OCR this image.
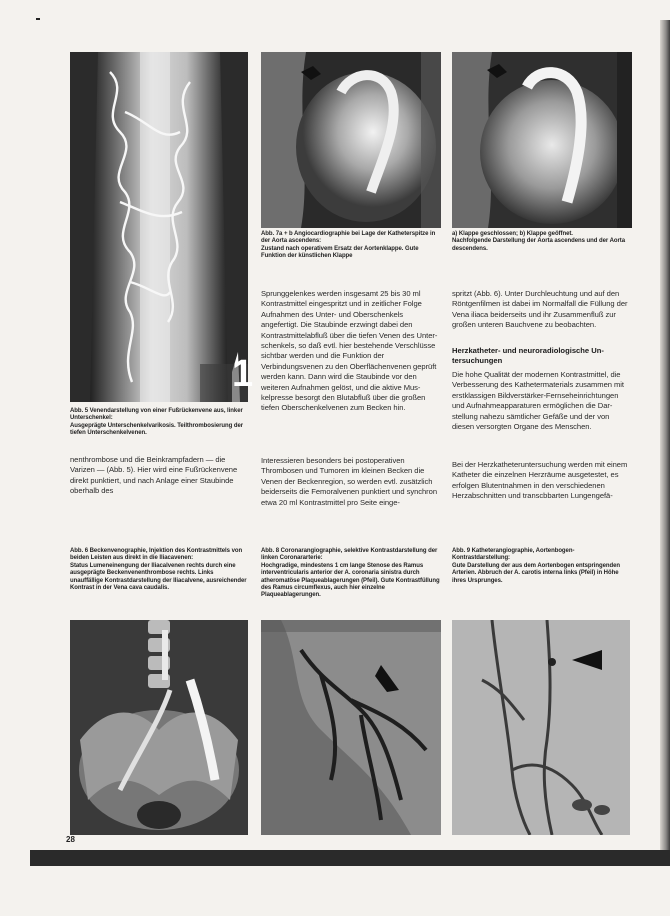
1
Abb. 5 Venendarstellung von einer Fußrückenvene aus, linker Unterschenkel:
Ausgeprägte Unterschenkelvarikosis. Teilthrombosierung der tiefen Unterschenkelvenen.
Abb. 7a + b Angiocardiographie bei Lage der Katheterspitze in der Aorta ascendens:
Zustand nach operativem Ersatz der Aortenklappe. Gute Funktion der künstlichen Klappe
a) Klappe geschlossen; b) Klappe geöffnet.
Nachfolgende Darstellung der Aorta ascendens und der Aorta descendens.
nenthrombose und die Beinkrampfadern — die Varizen — (Abb. 5). Hier wird eine Fußrückenvene direkt punktiert, und nach Anlage einer Staubinde oberhalb des
Sprunggelenkes werden insgesamt 25 bis 30 ml Kontrastmittel eingespritzt und in zeitlicher Folge Aufnahmen des Unter- und Oberschenkels angefertigt. Die Staubinde erzwingt dabei den Kontrastmittelabfluß über die tiefen Venen des Unterschenkels, so daß evtl. hier bestehende Verschlüsse sichtbar werden und die Funktion der Verbindungsvenen zu den Oberflächenvenen geprüft werden kann. Dann wird die Staubinde vor den weiteren Aufnahmen gelöst, und die aktive Muskelpresse besorgt den Blutabfluß über die großen tiefen Oberschenkelvenen zum Becken hin.
Interessieren besonders bei postoperativen Thrombosen und Tumoren im kleinen Becken die Venen der Beckenregion, so werden evtl. zusätzlich beiderseits die Femoralvenen punktiert und synchron etwa 20 ml Kontrastmittel pro Seite einge-
spritzt (Abb. 6). Unter Durchleuchtung und auf den Röntgenfilmen ist dabei im Normalfall die Füllung der Vena iliaca beiderseits und ihr Zusammenfluß zur großen unteren Bauchvene zu beobachten.
Herzkatheter- und neuroradiologische Untersuchungen
Die hohe Qualität der modernen Kontrastmittel, die Verbesserung des Kathetermaterials zusammen mit erstklassigen Bildverstärker-Fernseheinrichtungen und Aufnahmeapparaturen ermöglichen die Darstellung nahezu sämtlicher Gefäße und der von diesen versorgten Organe des Menschen.
Bei der Herzkatheteruntersuchung werden mit einem Katheter die einzelnen Herzräume ausgetestet, es erfolgen Blutentnahmen in den verschiedenen Herzabschnitten und transcbbarten Lungengefä-
Abb. 6 Beckenvenographie, Injektion des Kontrastmittels von beiden Leisten aus direkt in die Iliacavenen:
Status Lumeneinengung der Iliacalvenen rechts durch eine ausgeprägte Beckenvenenthrombose rechts. Links unauffällige Kontrastdarstellung der Iliacalvene, ausreichender Kontrast in der Vena cava caudalis.
Abb. 8 Coronarangiographie, selektive Kontrastdarstellung der linken Coronararterie:
Hochgradige, mindestens 1 cm lange Stenose des Ramus interventricularis anterior der A. coronaria sinistra durch atheromatöse Plaqueablagerungen (Pfeil). Gute Kontrastfüllung des Ramus circumflexus, auch hier einzelne Plaqueablagerungen.
Abb. 9 Katheterangiographie, Aortenbogen-Kontrastdarstellung:
Gute Darstellung der aus dem Aortenbogen entspringenden Arterien. Abbruch der A. carotis interna links (Pfeil) in Höhe ihres Ursprunges.
28
